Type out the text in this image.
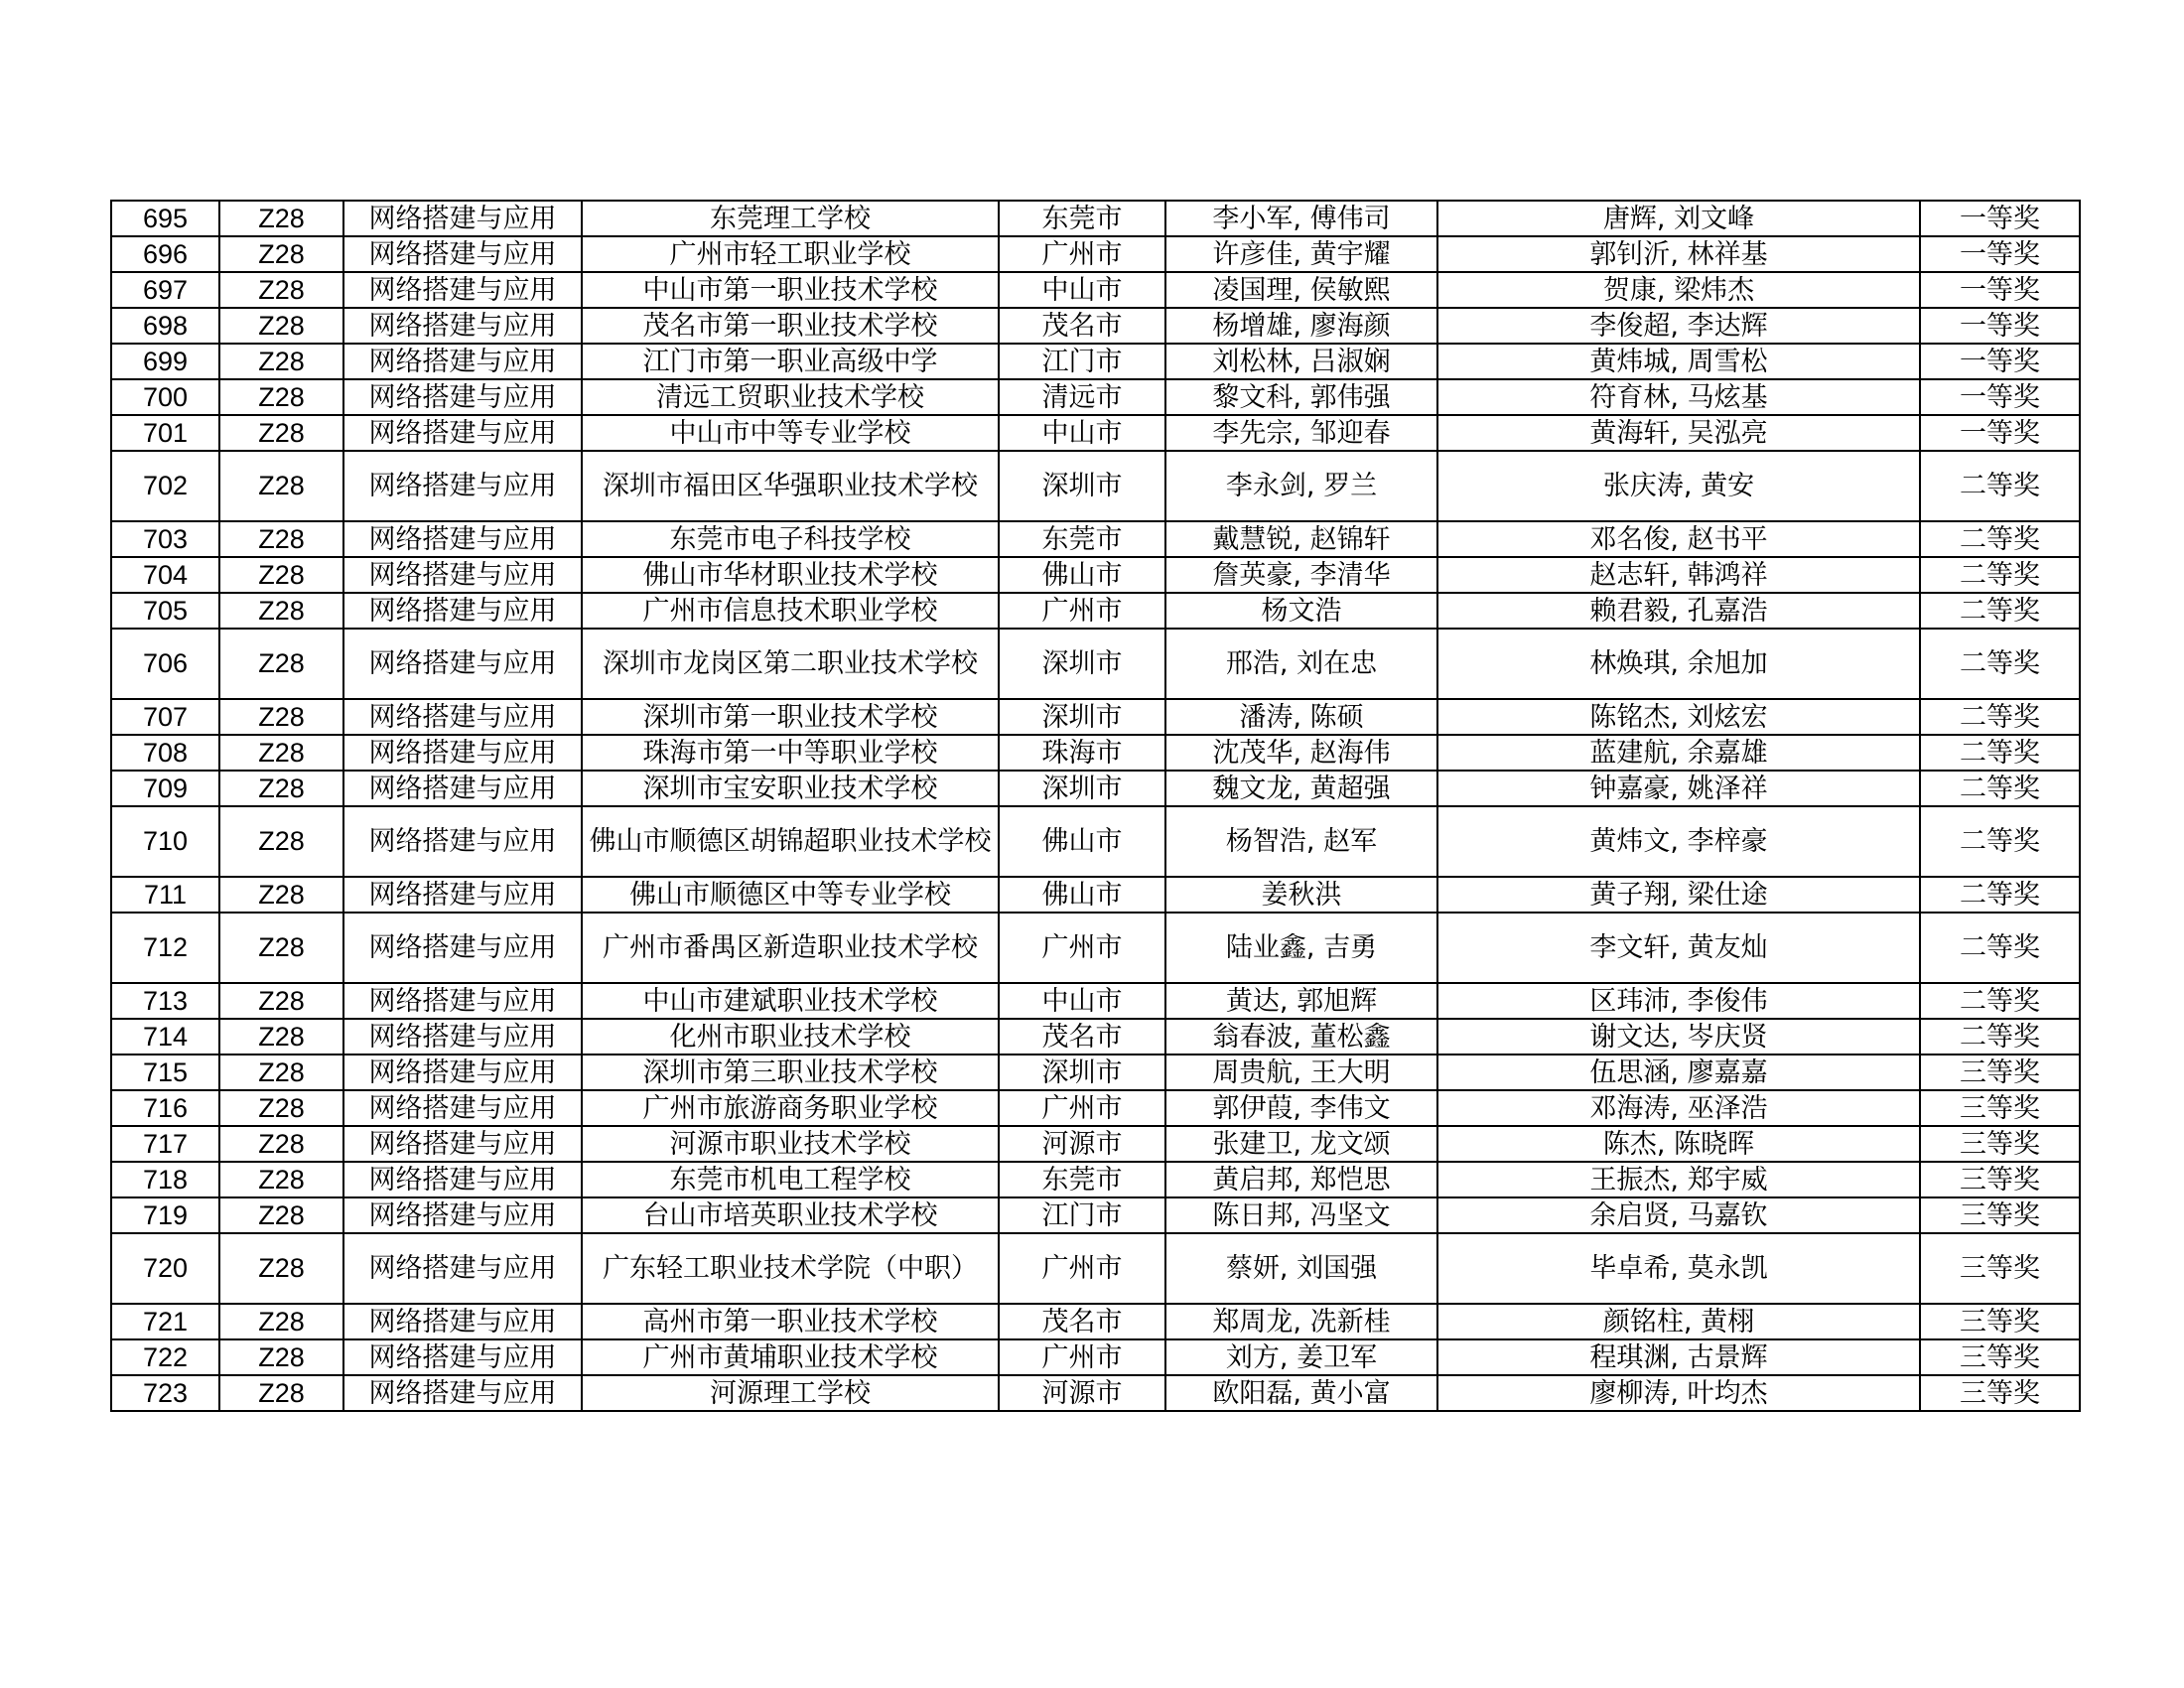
695	Z28	网络搭建与应用	东莞理工学校	东莞市	李小军, 傅伟司	唐辉, 刘文峰	一等奖
696	Z28	网络搭建与应用	广州市轻工职业学校	广州市	许彦佳, 黄宇耀	郭钊沂, 林祥基	一等奖
697	Z28	网络搭建与应用	中山市第一职业技术学校	中山市	凌国理, 侯敏熙	贺康, 梁炜杰	一等奖
698	Z28	网络搭建与应用	茂名市第一职业技术学校	茂名市	杨增雄, 廖海颜	李俊超, 李达辉	一等奖
699	Z28	网络搭建与应用	江门市第一职业高级中学	江门市	刘松林, 吕淑娴	黄炜城, 周雪松	一等奖
700	Z28	网络搭建与应用	清远工贸职业技术学校	清远市	黎文科, 郭伟强	符育林, 马炫基	一等奖
701	Z28	网络搭建与应用	中山市中等专业学校	中山市	李先宗, 邹迎春	黄海轩, 吴泓亮	一等奖
702	Z28	网络搭建与应用	深圳市福田区华强职业技术学校	深圳市	李永剑, 罗兰	张庆涛, 黄安	二等奖
703	Z28	网络搭建与应用	东莞市电子科技学校	东莞市	戴慧锐, 赵锦轩	邓名俊, 赵书平	二等奖
704	Z28	网络搭建与应用	佛山市华材职业技术学校	佛山市	詹英豪, 李清华	赵志轩, 韩鸿祥	二等奖
705	Z28	网络搭建与应用	广州市信息技术职业学校	广州市	杨文浩	赖君毅, 孔嘉浩	二等奖
706	Z28	网络搭建与应用	深圳市龙岗区第二职业技术学校	深圳市	邢浩, 刘在忠	林焕琪, 余旭加	二等奖
707	Z28	网络搭建与应用	深圳市第一职业技术学校	深圳市	潘涛, 陈硕	陈铭杰, 刘炫宏	二等奖
708	Z28	网络搭建与应用	珠海市第一中等职业学校	珠海市	沈茂华, 赵海伟	蓝建航, 余嘉雄	二等奖
709	Z28	网络搭建与应用	深圳市宝安职业技术学校	深圳市	魏文龙, 黄超强	钟嘉豪, 姚泽祥	二等奖
710	Z28	网络搭建与应用	佛山市顺德区胡锦超职业技术学校	佛山市	杨智浩, 赵军	黄炜文, 李梓豪	二等奖
711	Z28	网络搭建与应用	佛山市顺德区中等专业学校	佛山市	姜秋洪	黄子翔, 梁仕途	二等奖
712	Z28	网络搭建与应用	广州市番禺区新造职业技术学校	广州市	陆业鑫, 吉勇	李文轩, 黄友灿	二等奖
713	Z28	网络搭建与应用	中山市建斌职业技术学校	中山市	黄达, 郭旭辉	区玮沛, 李俊伟	二等奖
714	Z28	网络搭建与应用	化州市职业技术学校	茂名市	翁春波, 董松鑫	谢文达, 岑庆贤	二等奖
715	Z28	网络搭建与应用	深圳市第三职业技术学校	深圳市	周贵航, 王大明	伍思涵, 廖嘉嘉	三等奖
716	Z28	网络搭建与应用	广州市旅游商务职业学校	广州市	郭伊葭, 李伟文	邓海涛, 巫泽浩	三等奖
717	Z28	网络搭建与应用	河源市职业技术学校	河源市	张建卫, 龙文颂	陈杰, 陈晓晖	三等奖
718	Z28	网络搭建与应用	东莞市机电工程学校	东莞市	黄启邦, 郑恺思	王振杰, 郑宇威	三等奖
719	Z28	网络搭建与应用	台山市培英职业技术学校	江门市	陈日邦, 冯坚文	余启贤, 马嘉钦	三等奖
720	Z28	网络搭建与应用	广东轻工职业技术学院（中职）	广州市	蔡妍, 刘国强	毕卓希, 莫永凯	三等奖
721	Z28	网络搭建与应用	高州市第一职业技术学校	茂名市	郑周龙, 冼新桂	颜铭柱, 黄栩	三等奖
722	Z28	网络搭建与应用	广州市黄埔职业技术学校	广州市	刘方, 姜卫军	程琪渊, 古景辉	三等奖
723	Z28	网络搭建与应用	河源理工学校	河源市	欧阳磊, 黄小富	廖柳涛, 叶均杰	三等奖
